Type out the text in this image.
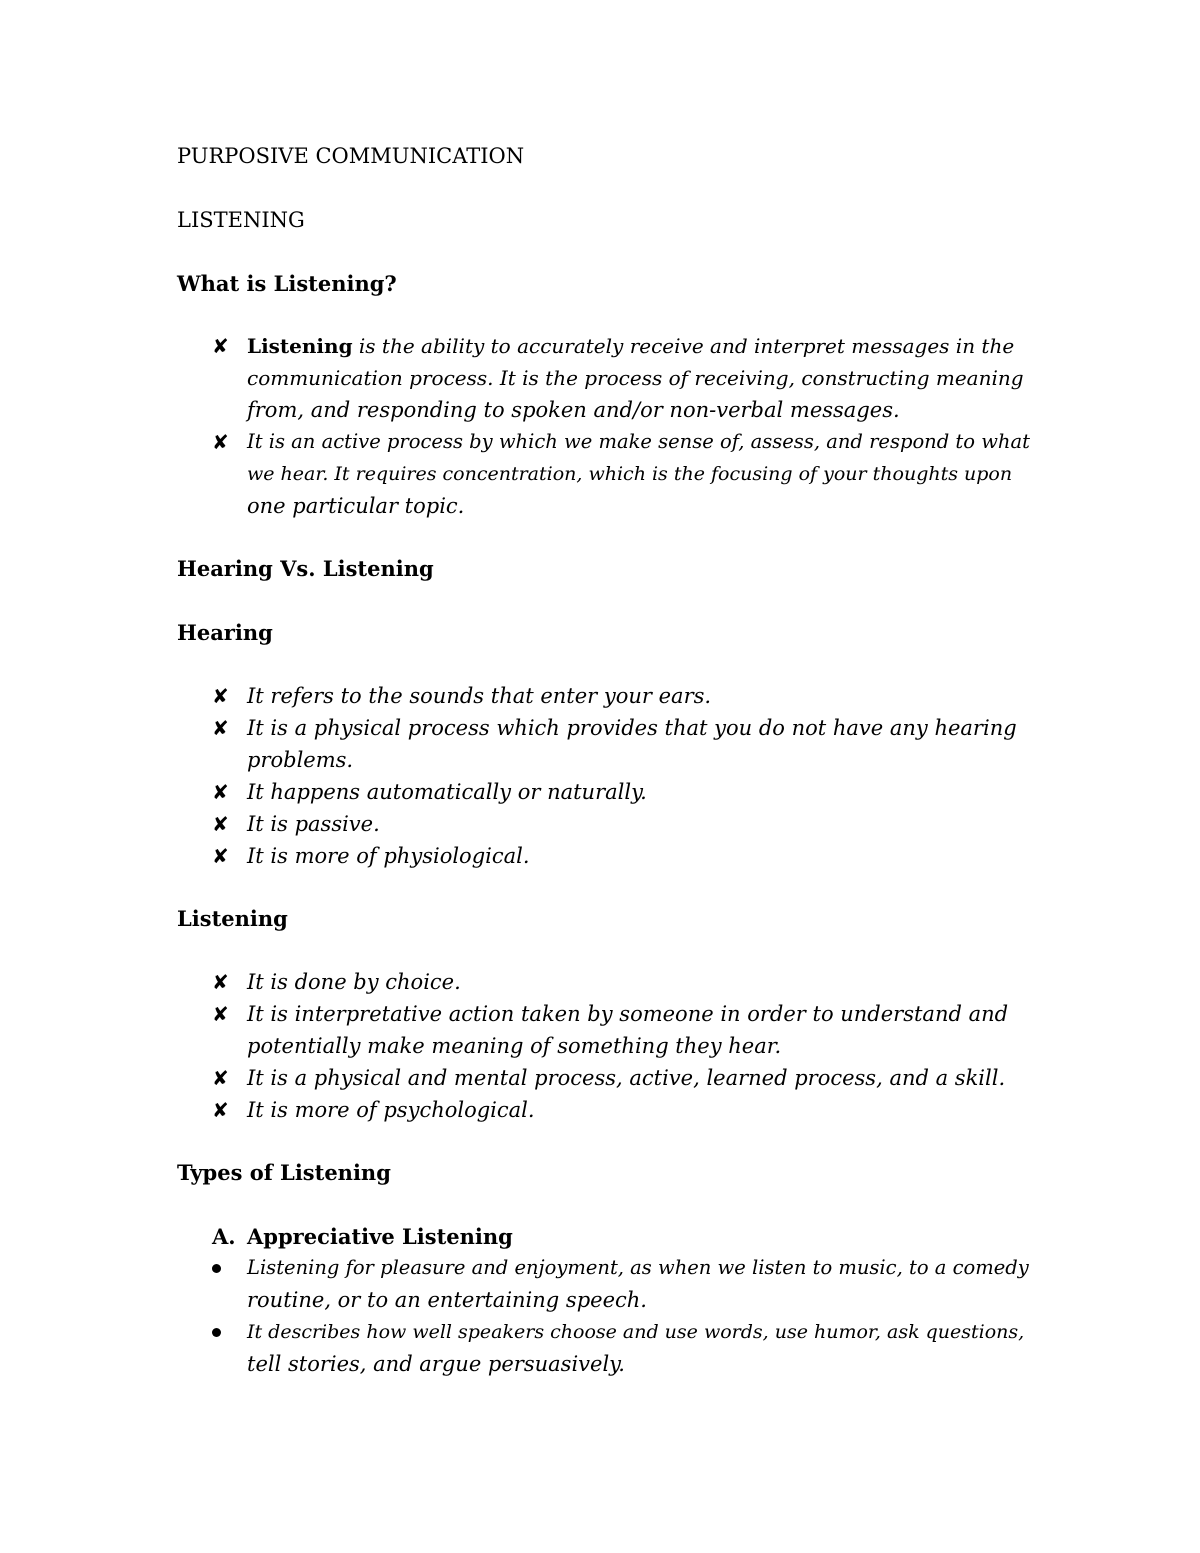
PURPOSIVE COMMUNICATION
LISTENING
What is Listening?
✘ Listening is the ability to accurately receive and interpret messages in the
communication process. It is the process of receiving, constructing meaning
from, and responding to spoken and/or non-verbal messages.
✘ It is an active process by which we make sense of, assess, and respond to what
we hear. It requires concentration, which is the focusing of your thoughts upon
one particular topic.
Hearing Vs. Listening
Hearing
✘ It refers to the sounds that enter your ears.
✘ It is a physical process which provides that you do not have any hearing
problems.
✘ It happens automatically or naturally.
✘ It is passive.
✘ It is more of physiological.
Listening
✘ It is done by choice.
✘ It is interpretative action taken by someone in order to understand and
potentially make meaning of something they hear.
✘ It is a physical and mental process, active, learned process, and a skill.
✘ It is more of psychological.
Types of Listening
A. Appreciative Listening
Listening for pleasure and enjoyment, as when we listen to music, to a comedy
routine, or to an entertaining speech.
It describes how well speakers choose and use words, use humor, ask questions,
tell stories, and argue persuasively.
